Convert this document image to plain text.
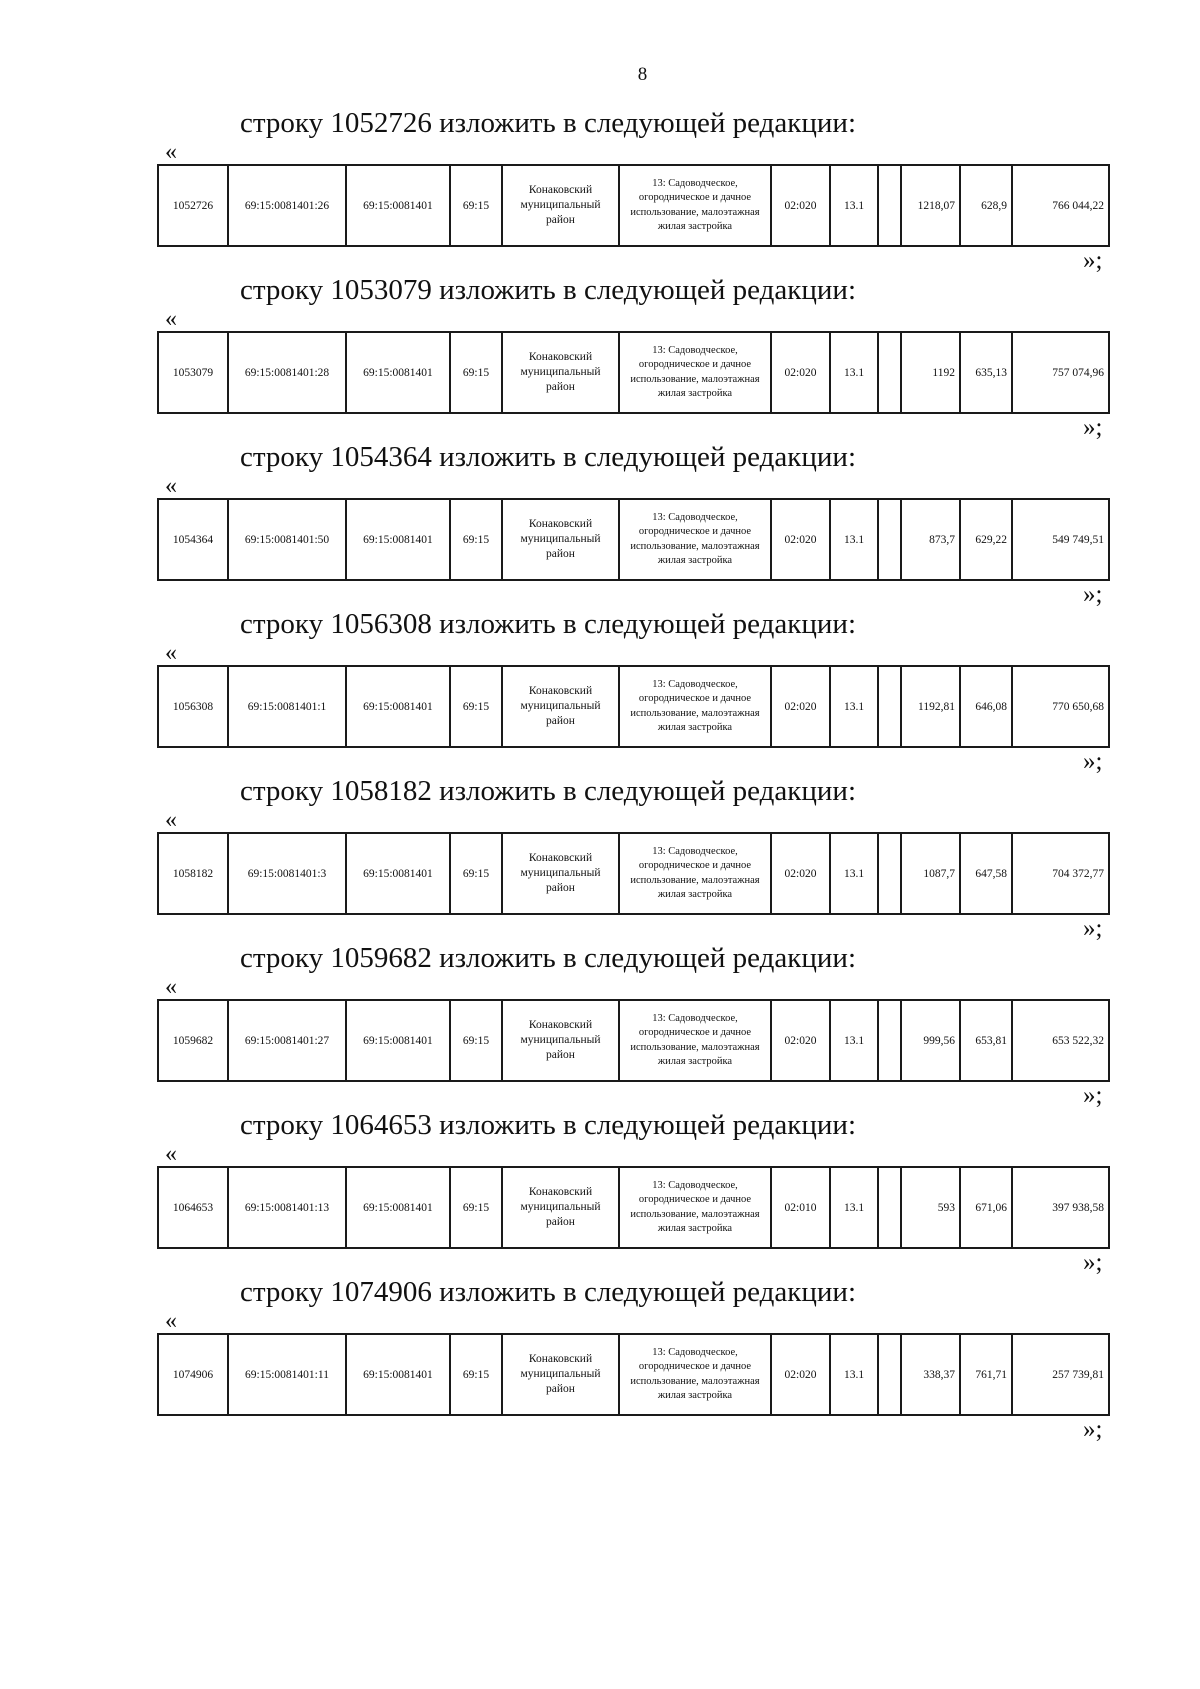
8
строку 1052726 изложить в следующей редакции:
«
1052726	69:15:0081401:26	69:15:0081401	69:15	Конаковский муниципальный район	13: Садоводческое, огородническое и дачное использование, малоэтажная жилая застройка	02:020	13.1		1218,07	628,9	766 044,22
»;
строку 1053079 изложить в следующей редакции:
«
1053079	69:15:0081401:28	69:15:0081401	69:15	Конаковский муниципальный район	13: Садоводческое, огородническое и дачное использование, малоэтажная жилая застройка	02:020	13.1		1192	635,13	757 074,96
»;
строку 1054364 изложить в следующей редакции:
«
1054364	69:15:0081401:50	69:15:0081401	69:15	Конаковский муниципальный район	13: Садоводческое, огородническое и дачное использование, малоэтажная жилая застройка	02:020	13.1		873,7	629,22	549 749,51
»;
строку 1056308 изложить в следующей редакции:
«
1056308	69:15:0081401:1	69:15:0081401	69:15	Конаковский муниципальный район	13: Садоводческое, огородническое и дачное использование, малоэтажная жилая застройка	02:020	13.1		1192,81	646,08	770 650,68
»;
строку 1058182 изложить в следующей редакции:
«
1058182	69:15:0081401:3	69:15:0081401	69:15	Конаковский муниципальный район	13: Садоводческое, огородническое и дачное использование, малоэтажная жилая застройка	02:020	13.1		1087,7	647,58	704 372,77
»;
строку 1059682 изложить в следующей редакции:
«
1059682	69:15:0081401:27	69:15:0081401	69:15	Конаковский муниципальный район	13: Садоводческое, огородническое и дачное использование, малоэтажная жилая застройка	02:020	13.1		999,56	653,81	653 522,32
»;
строку 1064653 изложить в следующей редакции:
«
1064653	69:15:0081401:13	69:15:0081401	69:15	Конаковский муниципальный район	13: Садоводческое, огородническое и дачное использование, малоэтажная жилая застройка	02:010	13.1		593	671,06	397 938,58
»;
строку 1074906 изложить в следующей редакции:
«
1074906	69:15:0081401:11	69:15:0081401	69:15	Конаковский муниципальный район	13: Садоводческое, огородническое и дачное использование, малоэтажная жилая застройка	02:020	13.1		338,37	761,71	257 739,81
»;
